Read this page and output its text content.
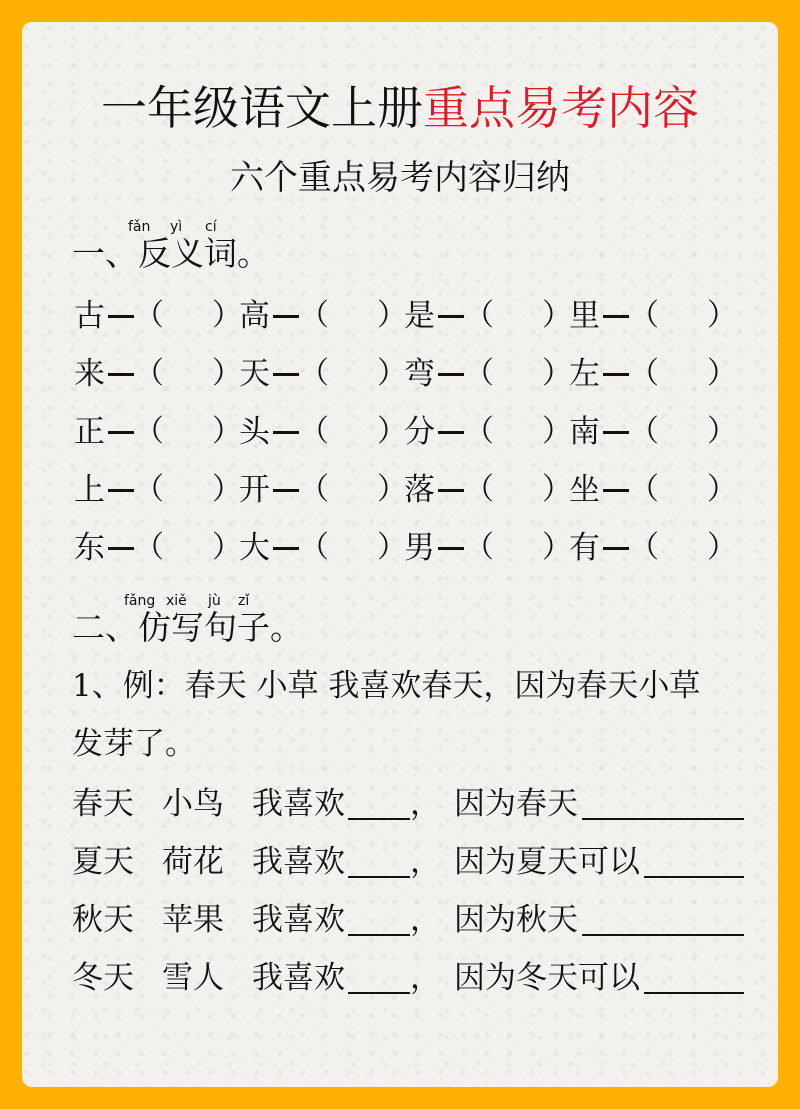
一年级语文上册重点易考内容
六个重点易考内容归纳
fǎn yì cí
一、反义词。
古 （ ）
高 （ ）
是 （ ）
里 （ ）
来 （ ）
天 （ ）
弯 （ ）
左 （ ）
正 （ ）
头 （ ）
分 （ ）
南 （ ）
上 （ ）
开 （ ）
落 （ ）
坐 （ ）
东 （ ）
大 （ ）
男 （ ）
有 （ ）
fǎng xiě jù zǐ
二、仿写句子。
1、例：春天 小草 我喜欢春天，因为春天小草
发芽了。
春天 小鸟 我喜欢 ， 因为春天
夏天 荷花 我喜欢 ， 因为夏天可以
秋天 苹果 我喜欢 ， 因为秋天
冬天 雪人 我喜欢 ， 因为冬天可以
